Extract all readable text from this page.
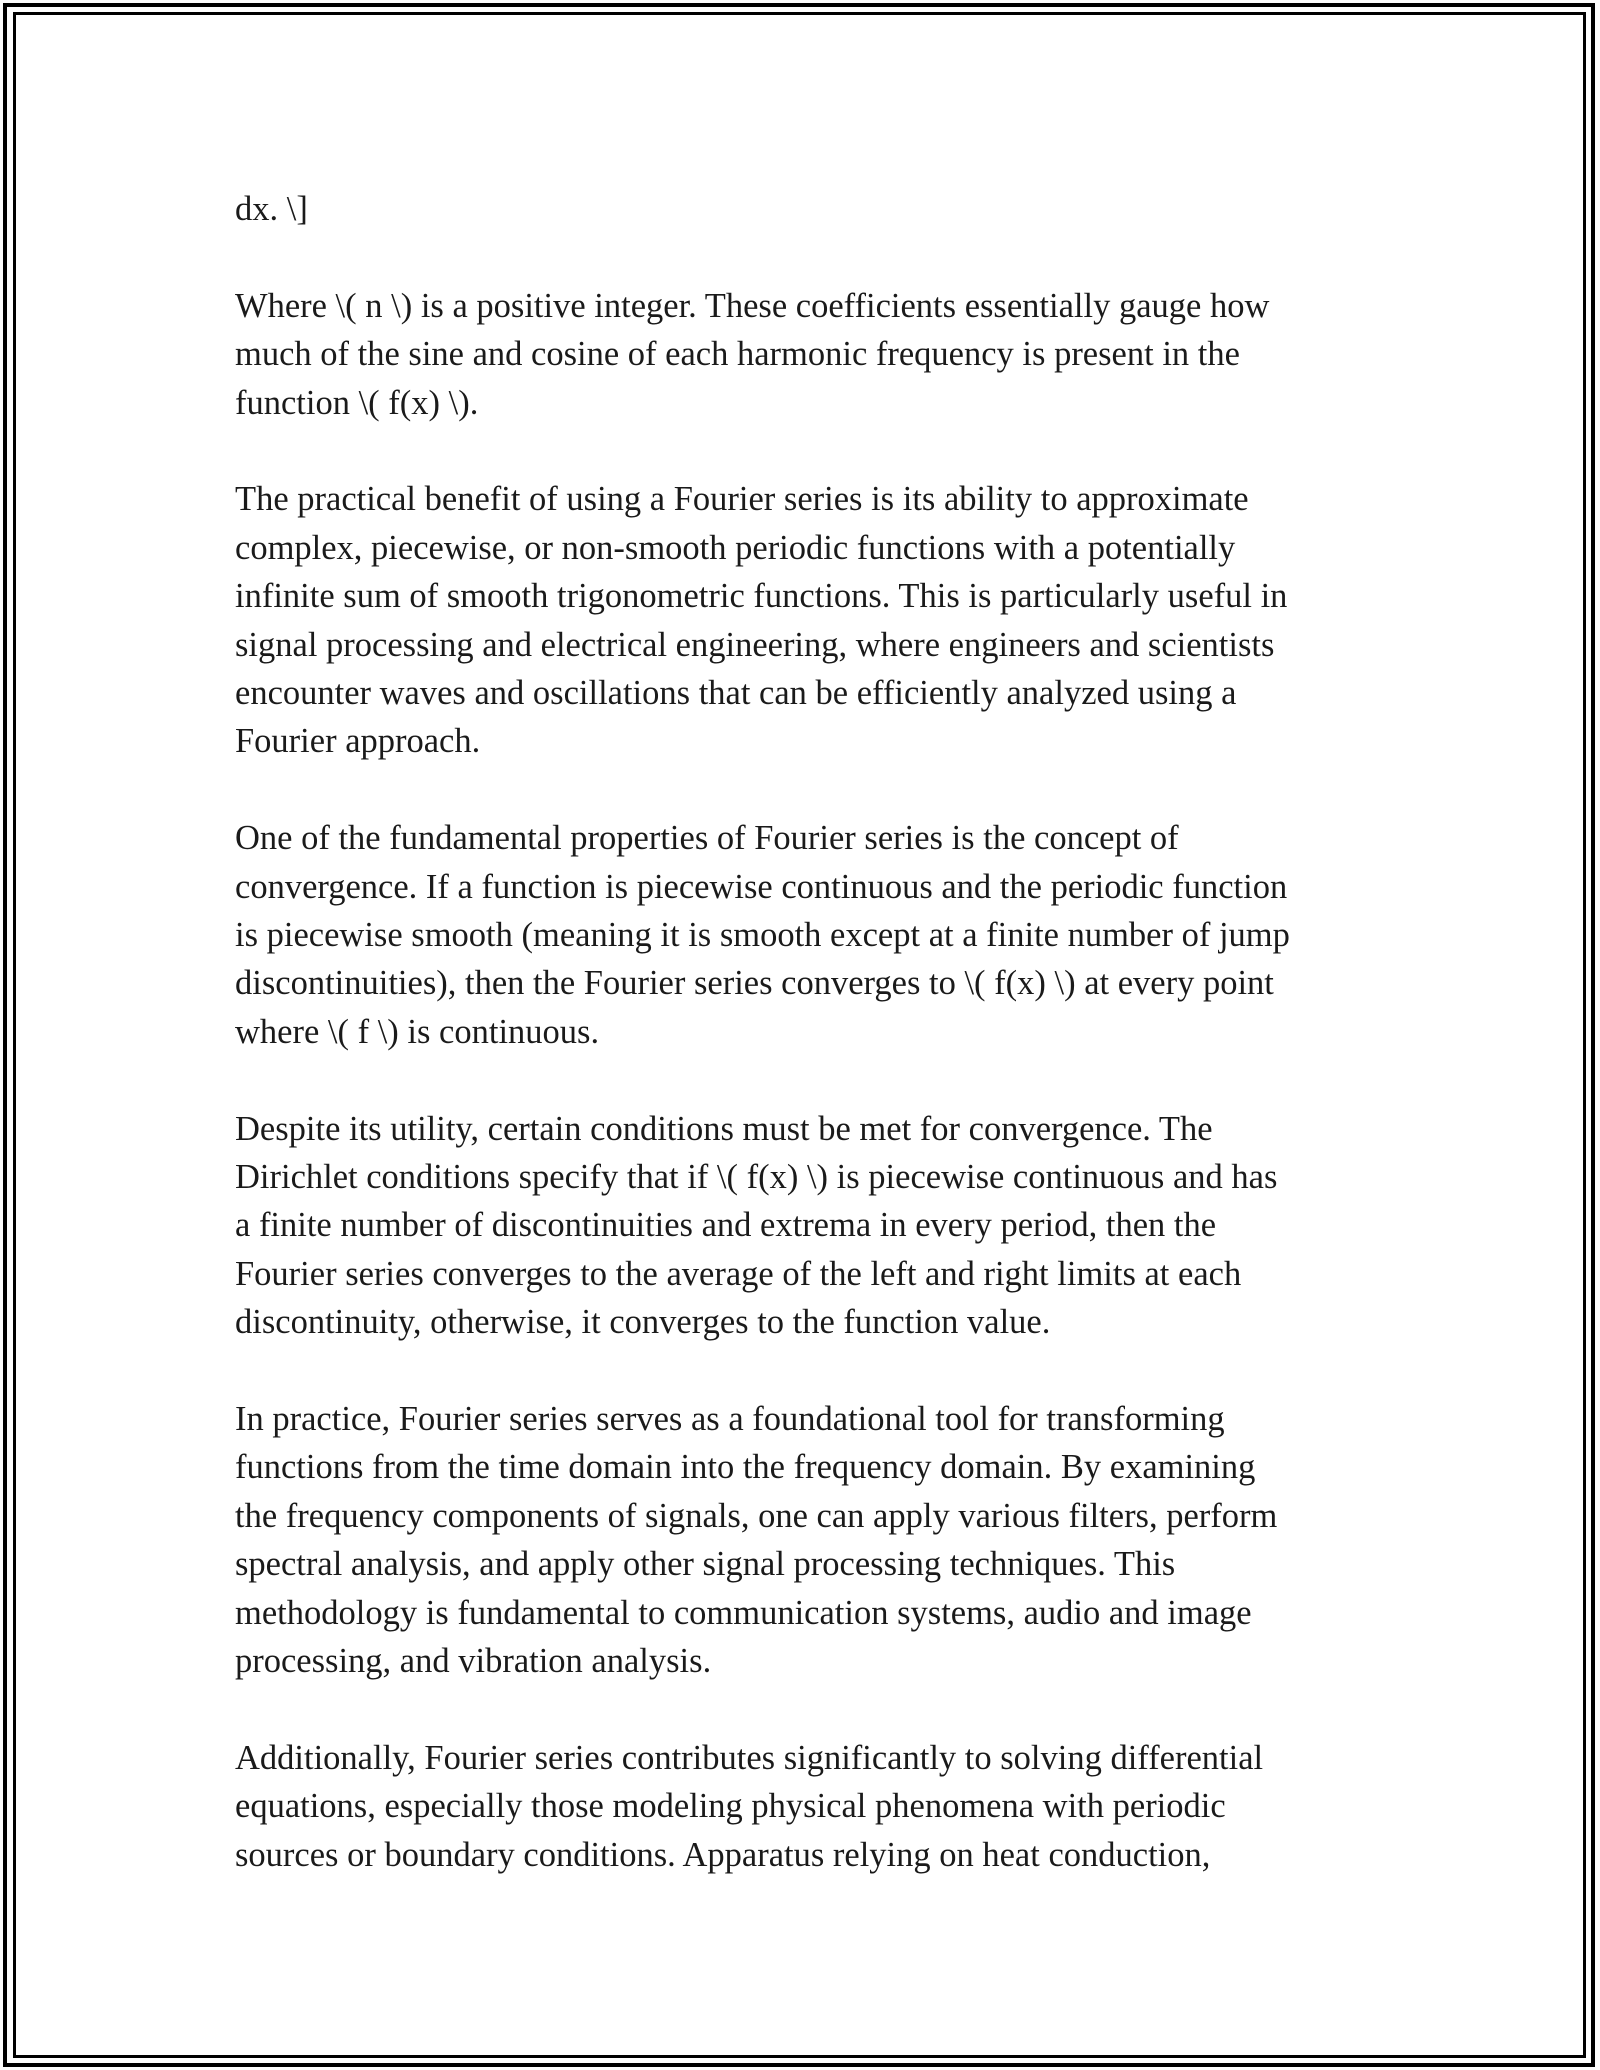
dx. \]

Where \( n \) is a positive integer. These coefficients essentially gauge how
much of the sine and cosine of each harmonic frequency is present in the
function \( f(x) \).

The practical benefit of using a Fourier series is its ability to approximate
complex, piecewise, or non-smooth periodic functions with a potentially
infinite sum of smooth trigonometric functions. This is particularly useful in
signal processing and electrical engineering, where engineers and scientists
encounter waves and oscillations that can be efficiently analyzed using a
Fourier approach.

One of the fundamental properties of Fourier series is the concept of
convergence. If a function is piecewise continuous and the periodic function
is piecewise smooth (meaning it is smooth except at a finite number of jump
discontinuities), then the Fourier series converges to \( f(x) \) at every point
where \( f \) is continuous.

Despite its utility, certain conditions must be met for convergence. The
Dirichlet conditions specify that if \( f(x) \) is piecewise continuous and has
a finite number of discontinuities and extrema in every period, then the
Fourier series converges to the average of the left and right limits at each
discontinuity, otherwise, it converges to the function value.

In practice, Fourier series serves as a foundational tool for transforming
functions from the time domain into the frequency domain. By examining
the frequency components of signals, one can apply various filters, perform
spectral analysis, and apply other signal processing techniques. This
methodology is fundamental to communication systems, audio and image
processing, and vibration analysis.

Additionally, Fourier series contributes significantly to solving differential
equations, especially those modeling physical phenomena with periodic
sources or boundary conditions. Apparatus relying on heat conduction,
